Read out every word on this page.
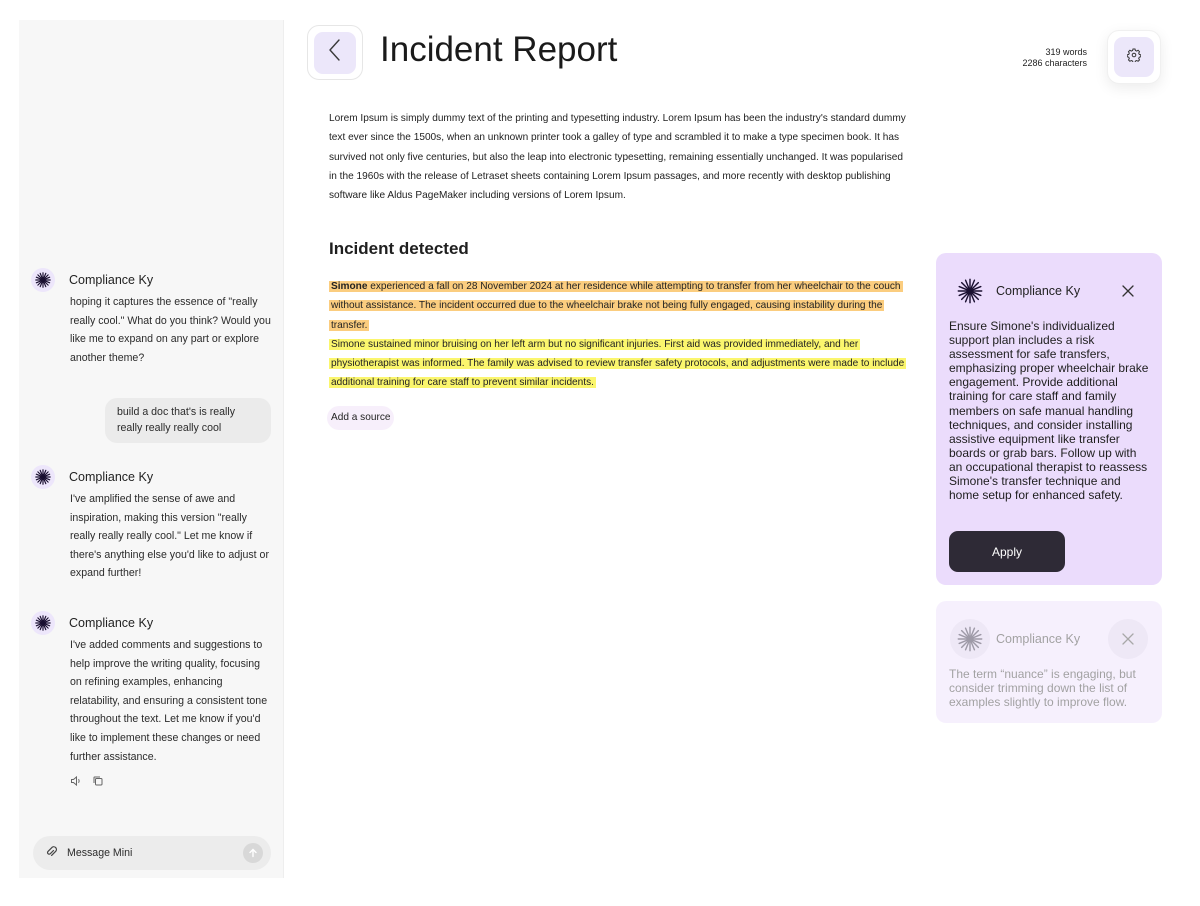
Compliance Ky
hoping it captures the essence of "really really cool." What do you think? Would you like me to expand on any part or explore another theme?
build a doc that's is really really really really cool
Compliance Ky
I've amplified the sense of awe and inspiration, making this version "really really really really cool." Let me know if there's anything else you'd like to adjust or expand further!
Compliance Ky
I've added comments and suggestions to help improve the writing quality, focusing on refining examples, enhancing relatability, and ensuring a consistent tone throughout the text. Let me know if you'd like to implement these changes or need further assistance.
Message Mini
Incident Report	319 words
2286 characters

Lorem Ipsum is simply dummy text of the printing and typesetting industry. Lorem Ipsum has been the industry's standard dummy text ever since the 1500s, when an unknown printer took a galley of type and scrambled it to make a type specimen book. It has survived not only five centuries, but also the leap into electronic typesetting, remaining essentially unchanged. It was popularised in the 1960s with the release of Letraset sheets containing Lorem Ipsum passages, and more recently with desktop publishing software like Aldus PageMaker including versions of Lorem Ipsum.

Incident detected

Simone experienced a fall on 28 November 2024 at her residence while attempting to transfer from her wheelchair to the couch without assistance. The incident occurred due to the wheelchair brake not being fully engaged, causing instability during the transfer.

Simone sustained minor bruising on her left arm but no significant injuries. First aid was provided immediately, and her physiotherapist was informed. The family was advised to review transfer safety protocols, and adjustments were made to include additional training for care staff to prevent similar incidents.

Add a source
Compliance Ky
Ensure Simone's individualized support plan includes a risk assessment for safe transfers, emphasizing proper wheelchair brake engagement. Provide additional training for care staff and family members on safe manual handling techniques, and consider installing assistive equipment like transfer boards or grab bars. Follow up with an occupational therapist to reassess Simone's transfer technique and home setup for enhanced safety.
Apply
Compliance Ky
The term “nuance” is engaging, but consider trimming down the list of examples slightly to improve flow.
